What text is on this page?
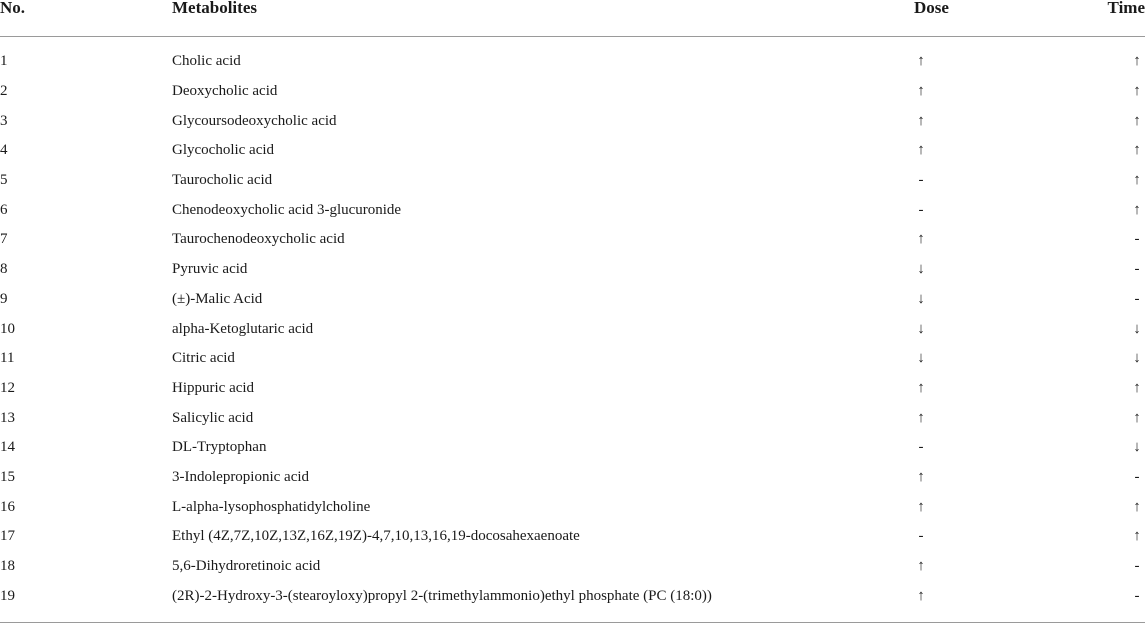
No.	Metabolites	Dose	Time

1	Cholic acid	↑	↑
2	Deoxycholic acid	↑	↑
3	Glycoursodeoxycholic acid	↑	↑
4	Glycocholic acid	↑	↑
5	Taurocholic acid	-	↑
6	Chenodeoxycholic acid 3-glucuronide	-	↑
7	Taurochenodeoxycholic acid	↑	-
8	Pyruvic acid	↓	-
9	(±)-Malic Acid	↓	-
10	alpha-Ketoglutaric acid	↓	↓
11	Citric acid	↓	↓
12	Hippuric acid	↑	↑
13	Salicylic acid	↑	↑
14	DL-Tryptophan	-	↓
15	3-Indolepropionic acid	↑	-
16	L-alpha-lysophosphatidylcholine	↑	↑
17	Ethyl (4Z,7Z,10Z,13Z,16Z,19Z)-4,7,10,13,16,19-docosahexaenoate	-	↑
18	5,6-Dihydroretinoic acid	↑	-
19	(2R)-2-Hydroxy-3-(stearoyloxy)propyl 2-(trimethylammonio)ethyl phosphate (PC (18:0))	↑	-
